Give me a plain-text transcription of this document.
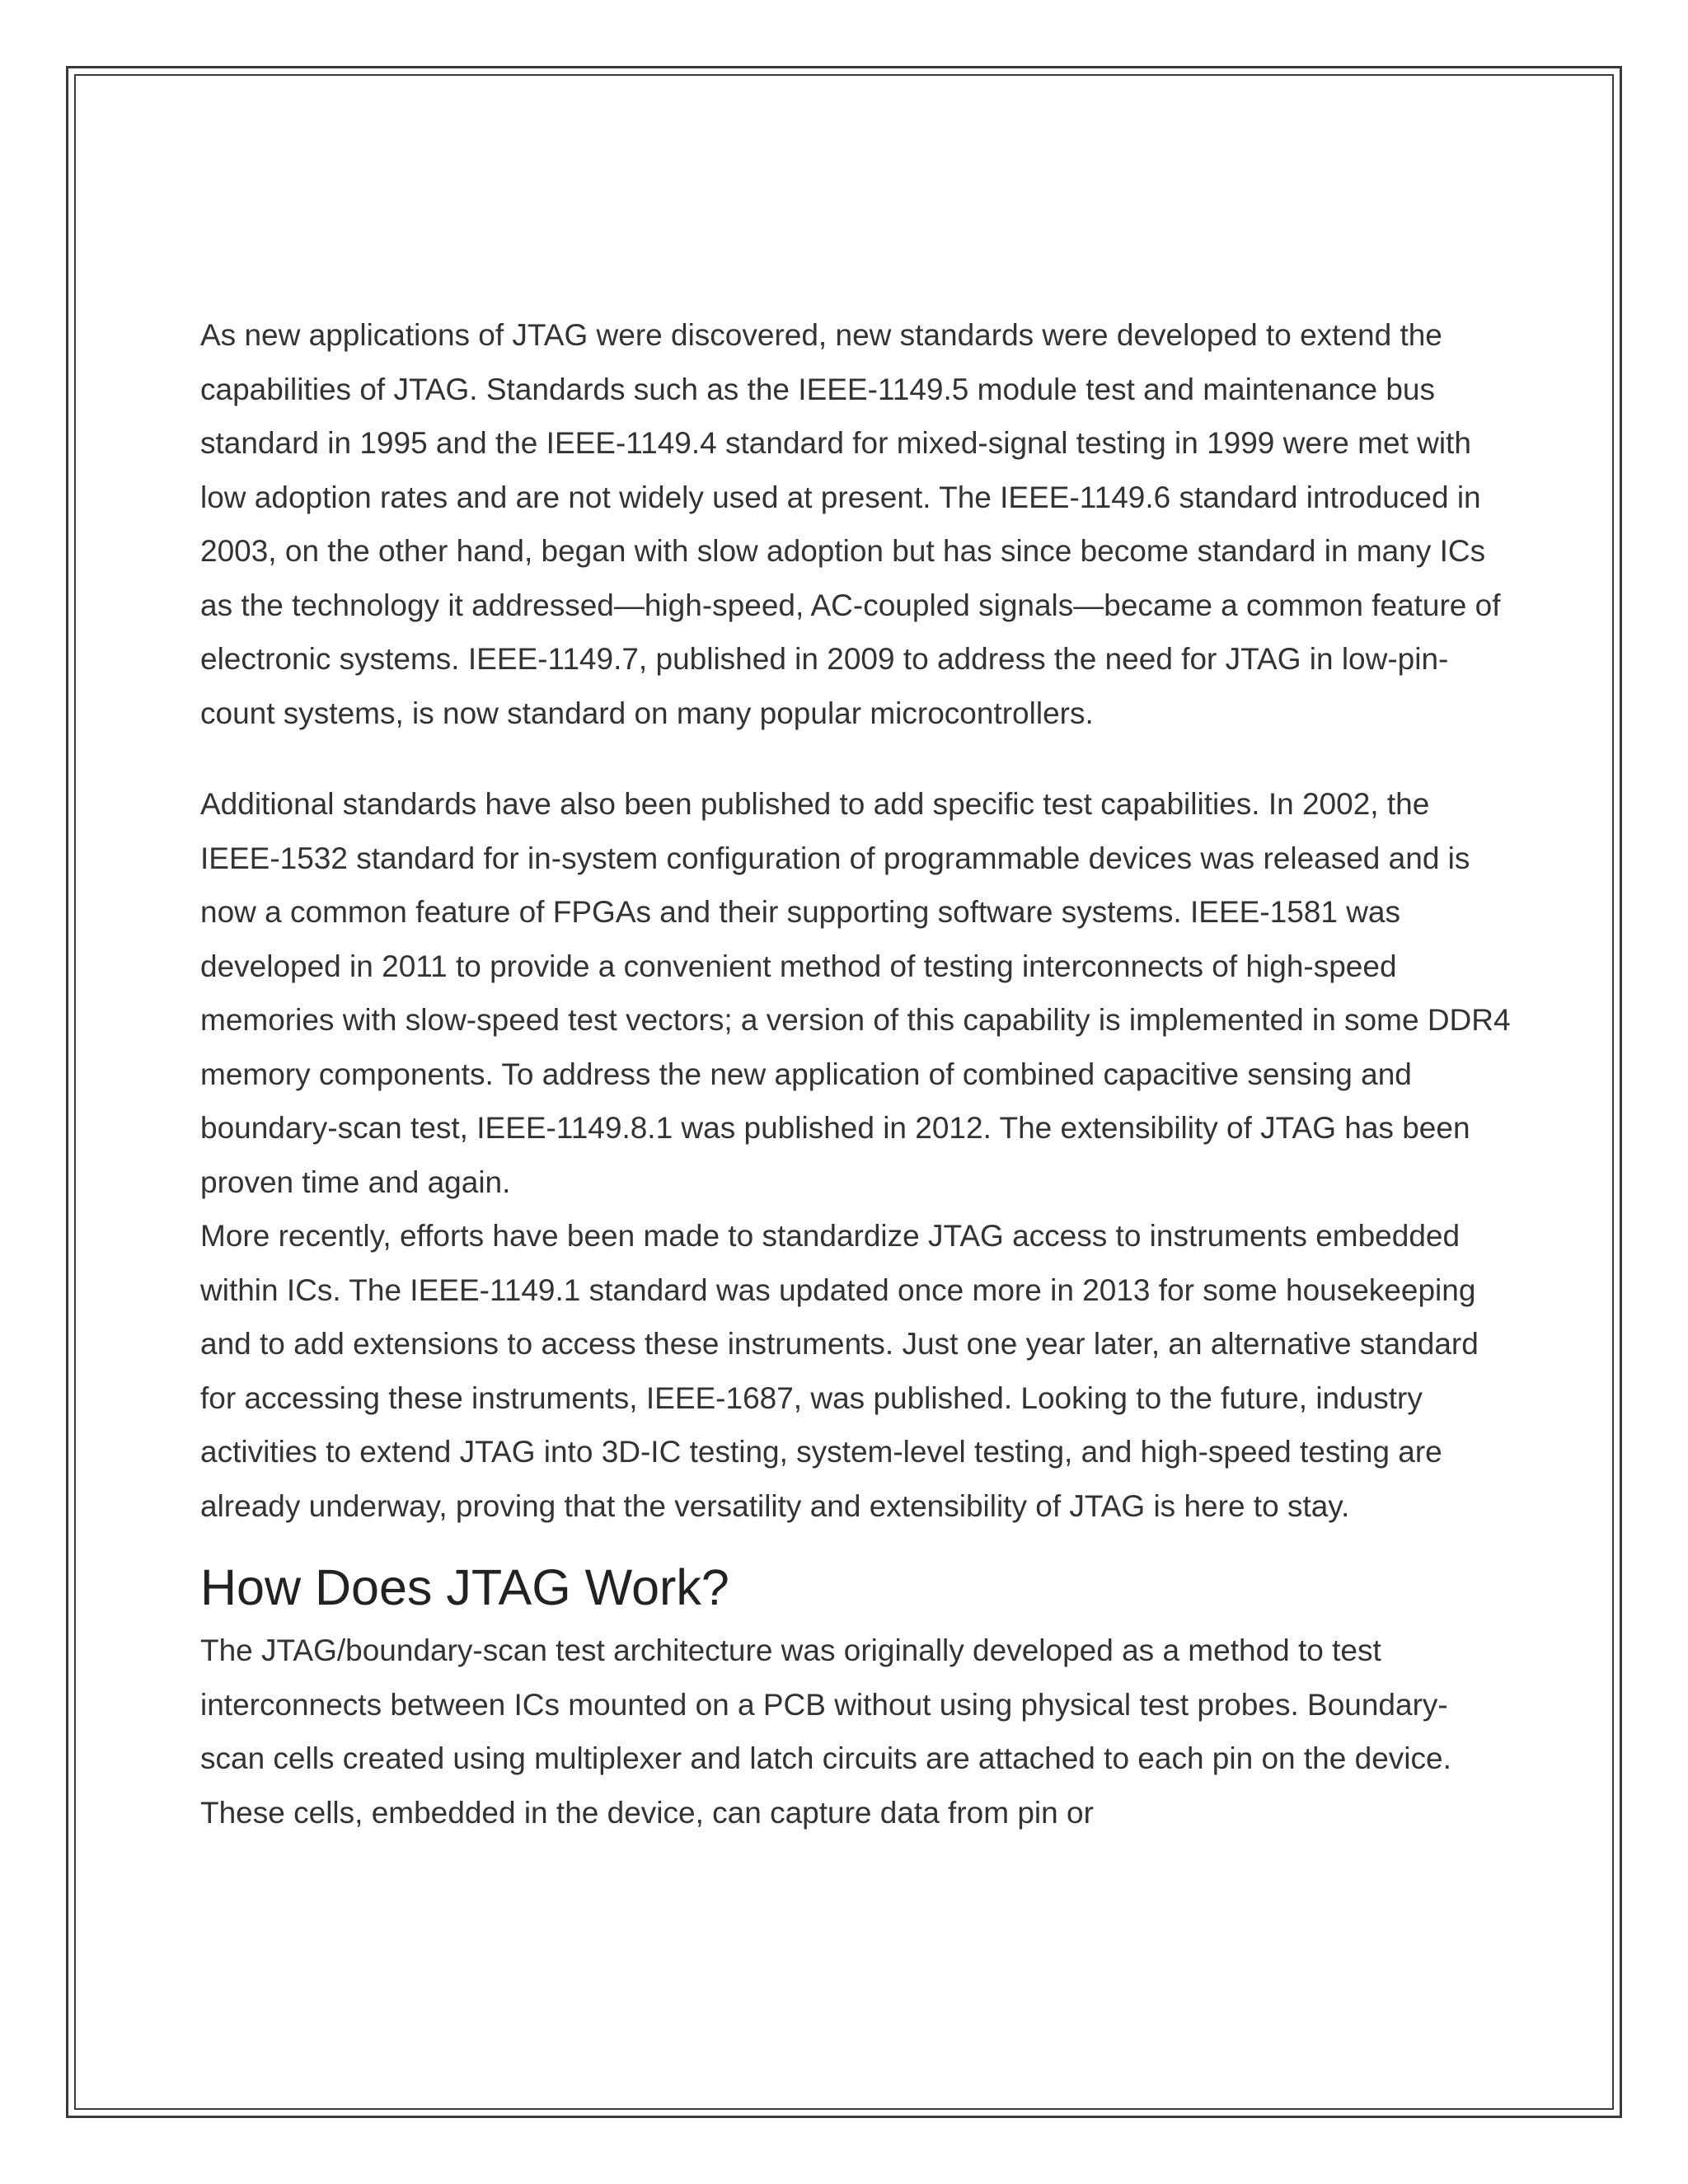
As new applications of JTAG were discovered, new standards were developed to extend the capabilities of JTAG. Standards such as the IEEE-1149.5 module test and maintenance bus standard in 1995 and the IEEE-1149.4 standard for mixed-signal testing in 1999 were met with low adoption rates and are not widely used at present. The IEEE-1149.6 standard introduced in 2003, on the other hand, began with slow adoption but has since become standard in many ICs as the technology it addressed—high-speed, AC-coupled signals—became a common feature of electronic systems. IEEE-1149.7, published in 2009 to address the need for JTAG in low-pin-count systems, is now standard on many popular microcontrollers.

Additional standards have also been published to add specific test capabilities. In 2002, the IEEE-1532 standard for in-system configuration of programmable devices was released and is now a common feature of FPGAs and their supporting software systems. IEEE-1581 was developed in 2011 to provide a convenient method of testing interconnects of high-speed memories with slow-speed test vectors; a version of this capability is implemented in some DDR4 memory components. To address the new application of combined capacitive sensing and boundary-scan test, IEEE-1149.8.1 was published in 2012. The extensibility of JTAG has been proven time and again.

More recently, efforts have been made to standardize JTAG access to instruments embedded within ICs. The IEEE-1149.1 standard was updated once more in 2013 for some housekeeping and to add extensions to access these instruments. Just one year later, an alternative standard for accessing these instruments, IEEE-1687, was published. Looking to the future, industry activities to extend JTAG into 3D-IC testing, system-level testing, and high-speed testing are already underway, proving that the versatility and extensibility of JTAG is here to stay.

How Does JTAG Work?

The JTAG/boundary-scan test architecture was originally developed as a method to test interconnects between ICs mounted on a PCB without using physical test probes. Boundary-scan cells created using multiplexer and latch circuits are attached to each pin on the device. These cells, embedded in the device, can capture data from pin or
